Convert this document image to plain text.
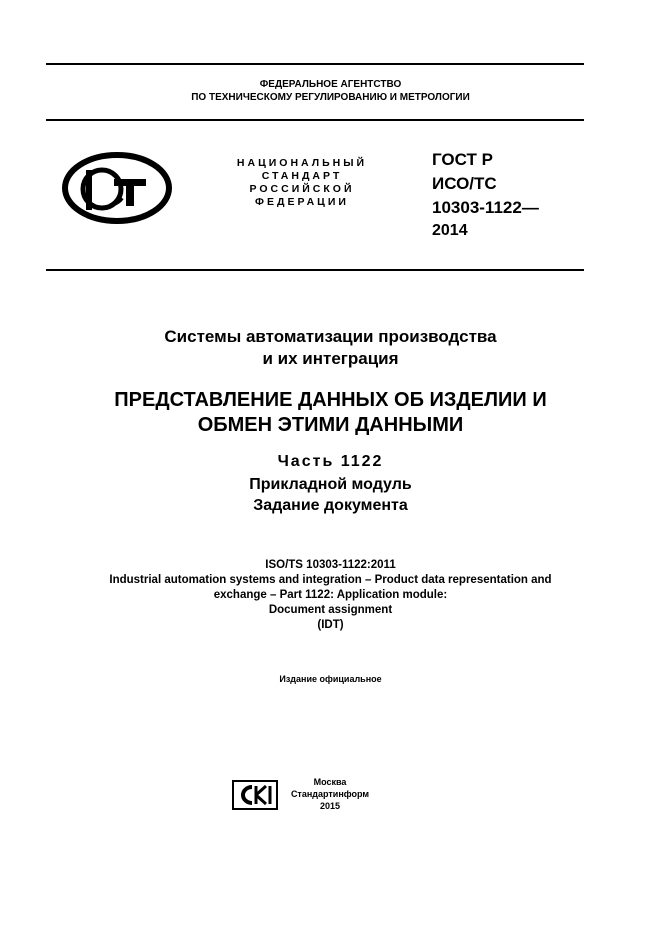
ФЕДЕРАЛЬНОЕ АГЕНТСТВО
ПО ТЕХНИЧЕСКОМУ РЕГУЛИРОВАНИЮ И МЕТРОЛОГИИ
НАЦИОНАЛЬНЫЙ
СТАНДАРТ
РОССИЙСКОЙ
ФЕДЕРАЦИИ
ГОСТ Р
ИСО/ТС
10303-1122—
2014
Системы автоматизации производства
и их интеграция
ПРЕДСТАВЛЕНИЕ ДАННЫХ ОБ ИЗДЕЛИИ И
ОБМЕН ЭТИМИ ДАННЫМИ
Часть 1122
Прикладной модуль
Задание документа
ISO/TS 10303-1122:2011
Industrial automation systems and integration – Product data representation and
exchange – Part 1122: Application module:
Document assignment
(IDT)
Издание официальное
Москва
Стандартинформ
2015
